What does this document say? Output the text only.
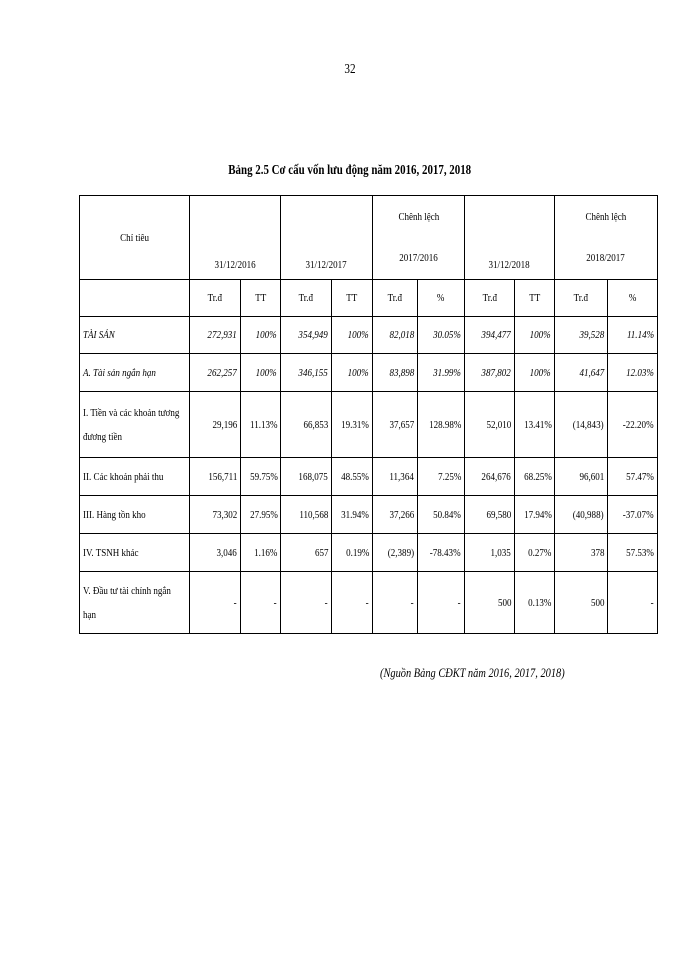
32
Bảng 2.5 Cơ cấu vốn lưu động năm 2016, 2017, 2018
Chỉ tiêu	31/12/2016		31/12/2017		Chênh lệch		31/12/2018		Chênh lệch	
					2017/2016				2018/2017	
	Tr.đ	TT	Tr.đ	TT	Tr.đ	%	Tr.đ	TT	Tr.đ	%
TÀI SẢN	272,931	100%	354,949	100%	82,018	30.05%	394,477	100%	39,528	11.14%
A. Tài sản ngắn hạn	262,257	100%	346,155	100%	83,898	31.99%	387,802	100%	41,647	12.03%

I. Tiền và các khoản tương đương tiền	29,196	11.13%	66,853	19.31%	37,657	128.98%	52,010	13.41%	(14,843)	-22.20%
II. Các khoản phải thu	156,711	59.75%	168,075	48.55%	11,364	7.25%	264,676	68.25%	96,601	57.47%
III. Hàng tồn kho	73,302	27.95%	110,568	31.94%	37,266	50.84%	69,580	17.94%	(40,988)	-37.07%
IV. TSNH khác	3,046	1.16%	657	0.19%	(2,389)	-78.43%	1,035	0.27%	378	57.53%

V. Đầu tư tài chính ngắn hạn	-	-	-	-	-	-	500	0.13%	500	-
(Nguồn Bảng CĐKT năm 2016, 2017, 2018)
